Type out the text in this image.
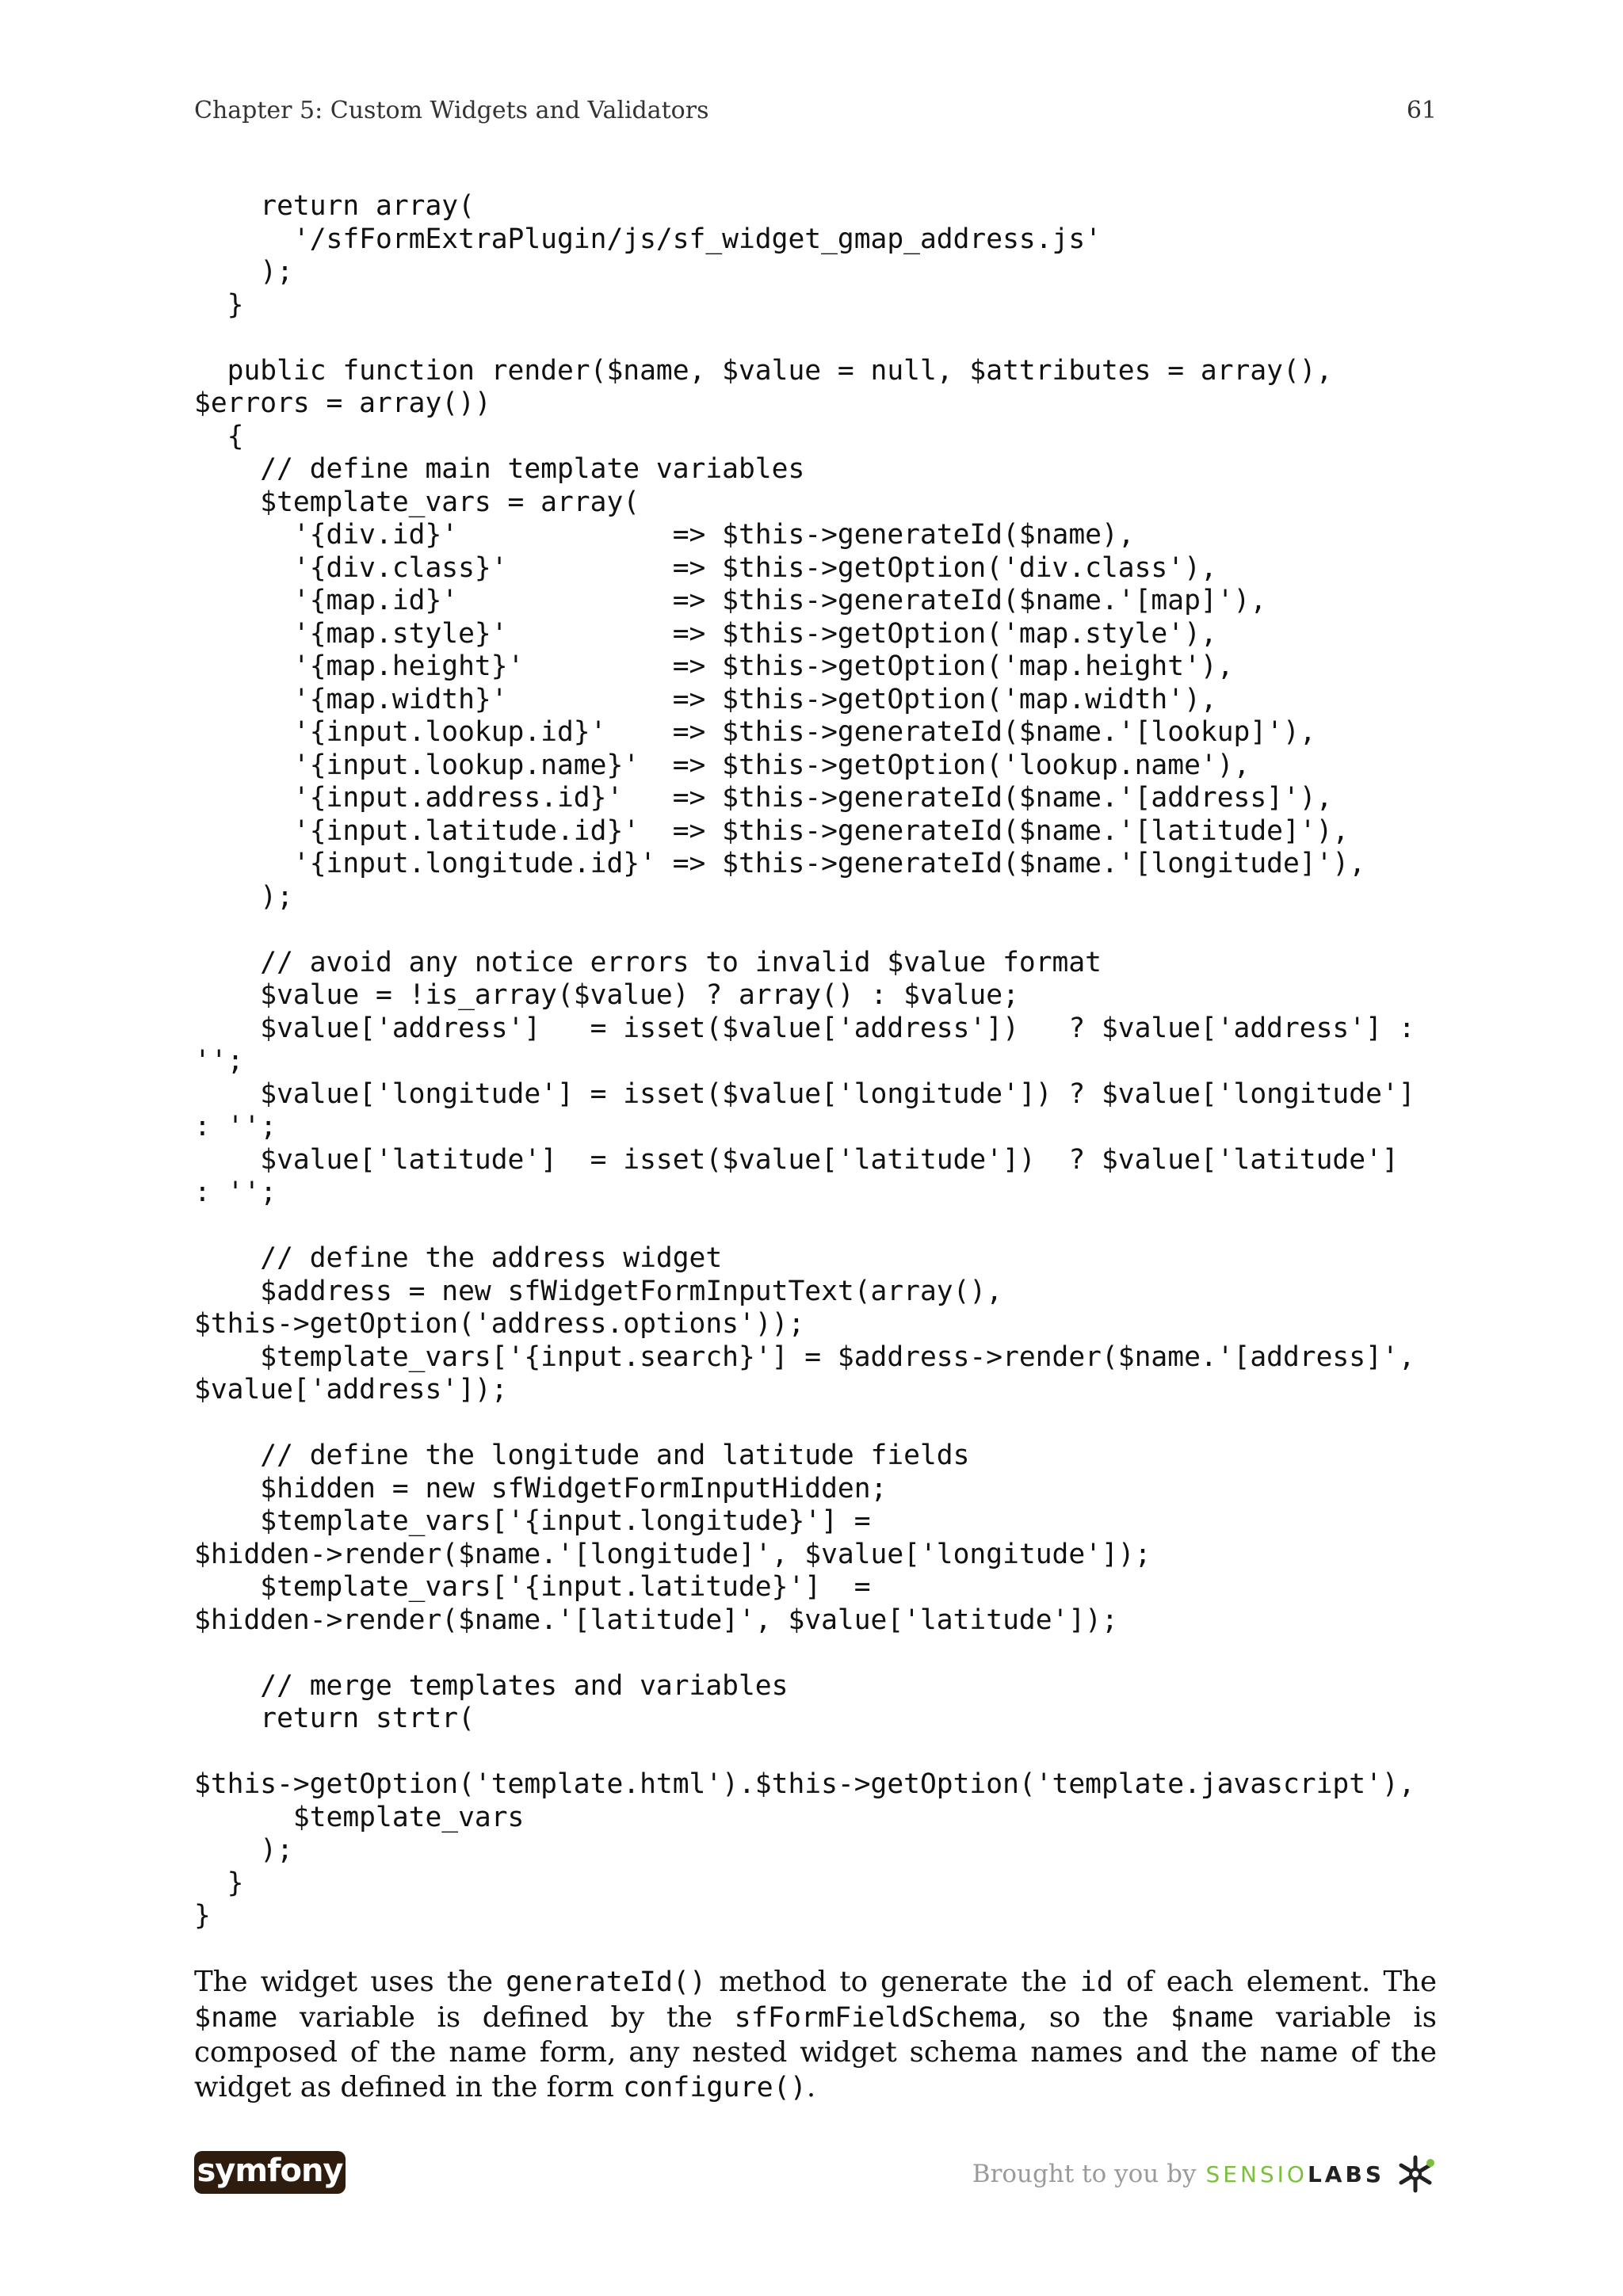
Chapter 5: Custom Widgets and Validators	61
return array(
'/sfFormExtraPlugin/js/sf_widget_gmap_address.js'
);
}

public function render($name, $value = null, $attributes = array(),
$errors = array())
{
// define main template variables
$template_vars = array(
'{div.id}'             => $this->generateId($name),
'{div.class}'          => $this->getOption('div.class'),
'{map.id}'             => $this->generateId($name.'[map]'),
'{map.style}'          => $this->getOption('map.style'),
'{map.height}'         => $this->getOption('map.height'),
'{map.width}'          => $this->getOption('map.width'),
'{input.lookup.id}'    => $this->generateId($name.'[lookup]'),
'{input.lookup.name}'  => $this->getOption('lookup.name'),
'{input.address.id}'   => $this->generateId($name.'[address]'),
'{input.latitude.id}'  => $this->generateId($name.'[latitude]'),
'{input.longitude.id}' => $this->generateId($name.'[longitude]'),
);

// avoid any notice errors to invalid $value format
$value = !is_array($value) ? array() : $value;
$value['address']   = isset($value['address'])   ? $value['address'] :
'';
$value['longitude'] = isset($value['longitude']) ? $value['longitude']
: '';
$value['latitude']  = isset($value['latitude'])  ? $value['latitude']
: '';

// define the address widget
$address = new sfWidgetFormInputText(array(),
$this->getOption('address.options'));
$template_vars['{input.search}'] = $address->render($name.'[address]',
$value['address']);

// define the longitude and latitude fields
$hidden = new sfWidgetFormInputHidden;
$template_vars['{input.longitude}'] =
$hidden->render($name.'[longitude]', $value['longitude']);
$template_vars['{input.latitude}']  =
$hidden->render($name.'[latitude]', $value['latitude']);

// merge templates and variables
return strtr(

$this->getOption('template.html').$this->getOption('template.javascript'),
$template_vars
);
}
}

The widget uses the generateId() method to generate the id of each element. The $name variable is defined by the sfFormFieldSchema, so the $name variable is composed of the name form, any nested widget schema names and the name of the widget as defined in the form configure().

symfony	Brought to you by SENSIO LABS
